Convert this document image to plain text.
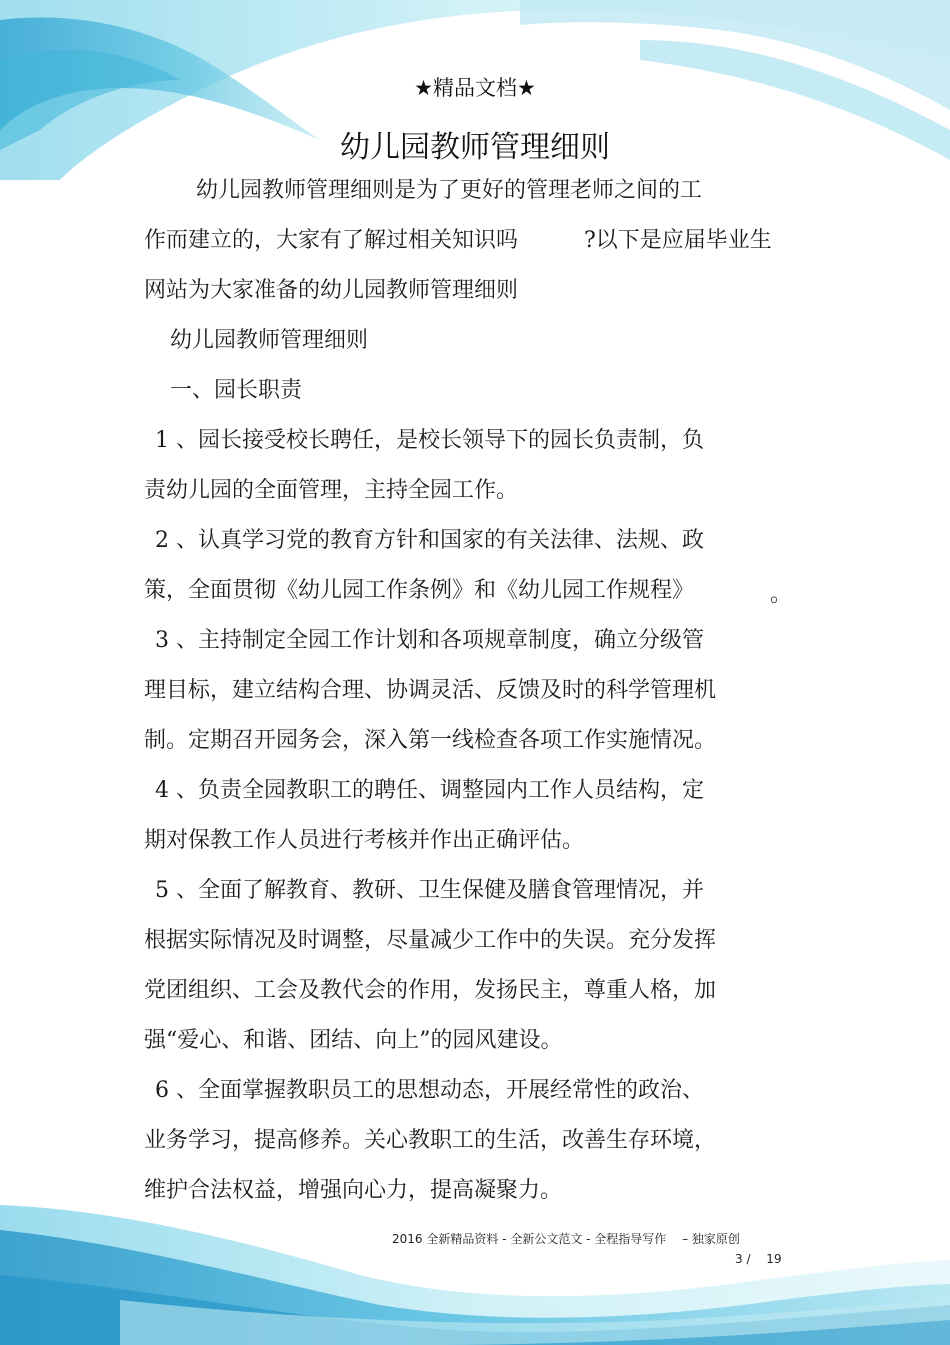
★精品文档★
幼儿园教师管理细则
幼儿园教师管理细则是为了更好的管理老师之间的工
作而建立的，大家有了解过相关知识吗　　　?以下是应届毕业生
网站为大家准备的幼儿园教师管理细则
幼儿园教师管理细则
一、园长职责
1 、园长接受校长聘任，是校长领导下的园长负责制，负
责幼儿园的全面管理，主持全园工作。
2 、认真学习党的教育方针和国家的有关法律、法规、政
策，全面贯彻《幼儿园工作条例》和《幼儿园工作规程》	。
3 、主持制定全园工作计划和各项规章制度，确立分级管
理目标，建立结构合理、协调灵活、反馈及时的科学管理机
制。定期召开园务会，深入第一线检查各项工作实施情况。
4 、负责全园教职工的聘任、调整园内工作人员结构，定
期对保教工作人员进行考核并作出正确评估。
5 、全面了解教育、教研、卫生保健及膳食管理情况，并
根据实际情况及时调整，尽量减少工作中的失误。充分发挥
党团组织、工会及教代会的作用，发扬民主，尊重人格，加
强“爱心、和谐、团结、向上”的园风建设。
6 、全面掌握教职员工的思想动态，开展经常性的政治、
业务学习，提高修养。关心教职工的生活，改善生存环境，
维护合法权益，增强向心力，提高凝聚力。
2016 全新精品资料 - 全新公文范文 - 全程指导写作　 – 独家原创
3 /　 19
